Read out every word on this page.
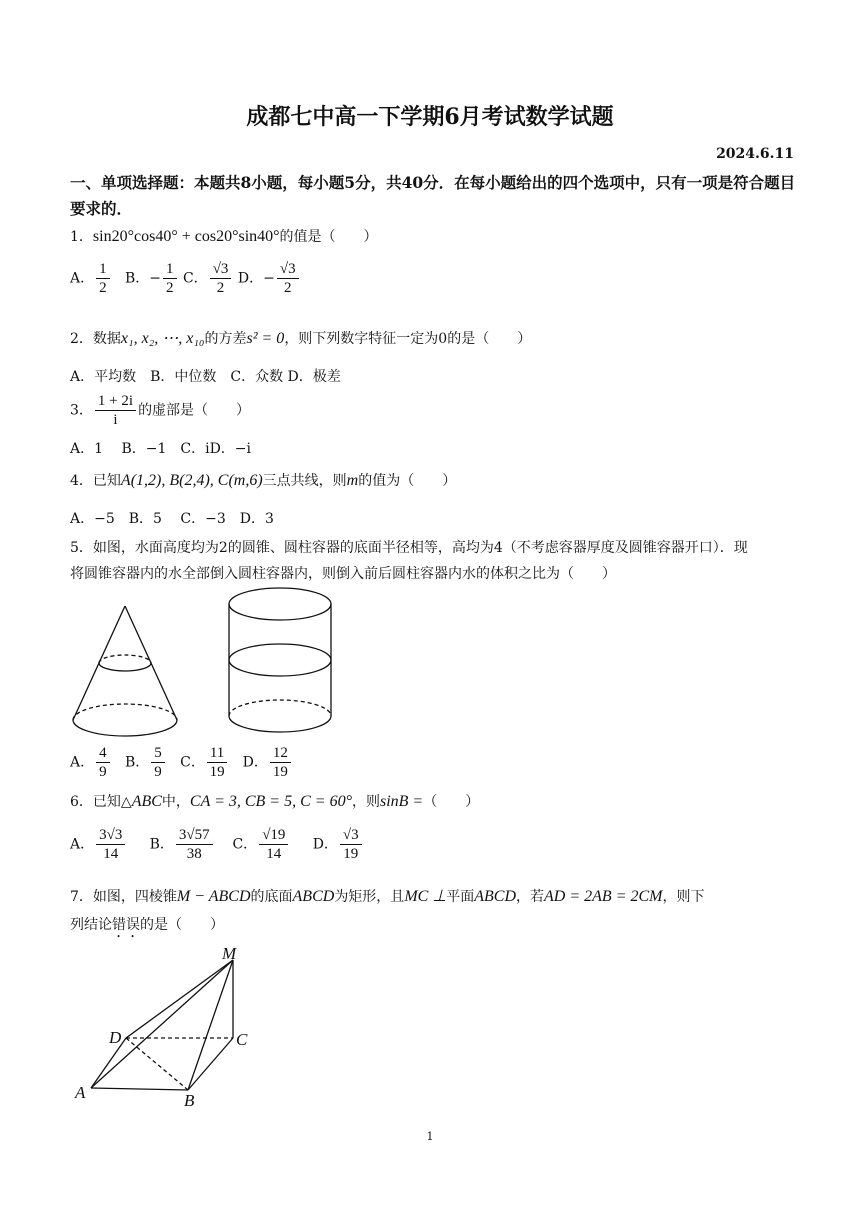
成都七中高一下学期6月考试数学试题
2024.6.11
一、单项选择题：本题共8小题，每小题5分，共40分．在每小题给出的四个选项中，只有一项是符合题目要求的．
1．sin20°cos40° + cos20°sin40°的值是（　　）
A． $\frac{1}{2}$ B．− $\frac{1}{2}$ C． $\frac{√3}{2}$ D．− $\frac{√3}{2}$
2．数据x₁, x₂, ⋯, x₁₀的方差s² = 0，则下列数字特征一定为0的是（　　）
A．平均数　B．中位数　C．众数 D．极差
3． $\frac{1 + 2i}{i}$ 的虚部是（　　）
A．1　 B．−1　C．iD．−i
4．已知A(1,2), B(2,4), C(m,6)三点共线，则m的值为（　　）
A．−5　B．5　 C．−3　D．3
5．如图，水面高度均为2的圆锥、圆柱容器的底面半径相等，高均为4（不考虑容器厚度及圆锥容器开口）．现
将圆锥容器内的水全部倒入圆柱容器内，则倒入前后圆柱容器内水的体积之比为（　　）
A． $\frac{4}{9}$ B． $\frac{5}{9}$ C． $\frac{11}{19}$ D． $\frac{12}{19}$
6．已知△ABC中，CA = 3, CB = 5, C = 60°，则sinB =（　　）
A． $\frac{3√3}{14}$ B． $\frac{3√57}{38}$ C． $\frac{√19}{14}$ D． $\frac{√3}{19}$
7．如图，四棱锥M − ABCD的底面ABCD为矩形，且MC ⊥平面ABCD，若AD = 2AB = 2CM，则下
列结论错误的是（　　）
M
D	C
A	B
1
